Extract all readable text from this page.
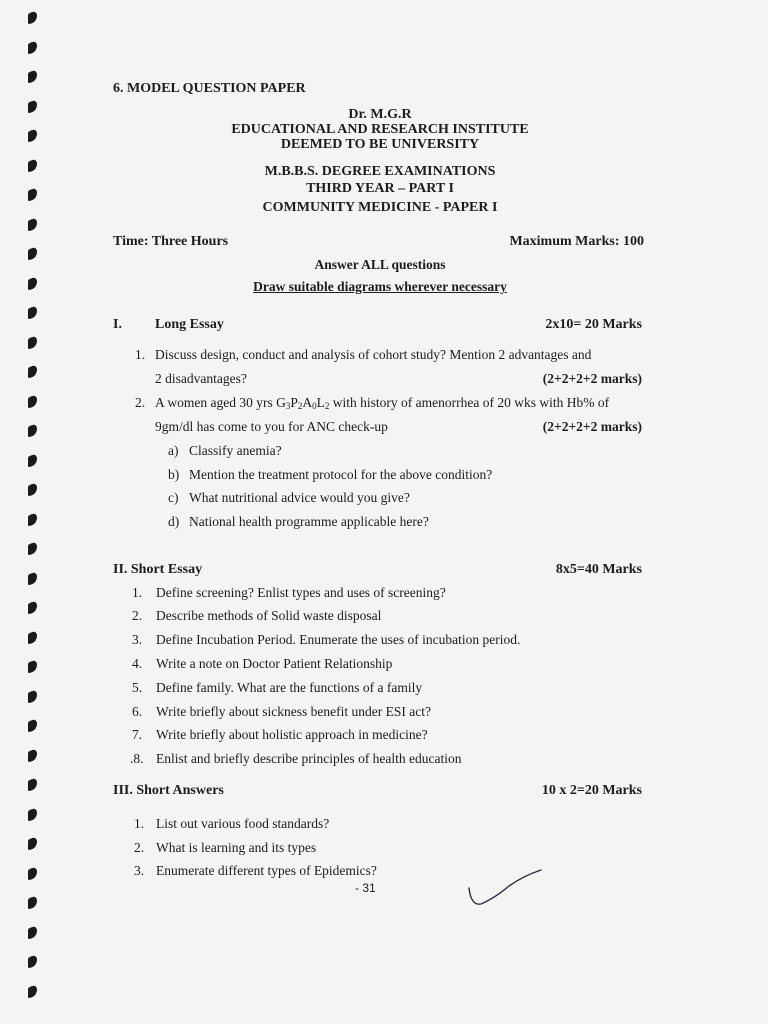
6. MODEL QUESTION PAPER
Dr. M.G.R
EDUCATIONAL AND RESEARCH INSTITUTE
DEEMED TO BE UNIVERSITY
M.B.B.S. DEGREE EXAMINATIONS
THIRD YEAR – PART I
COMMUNITY MEDICINE - PAPER I
Time: Three Hours	Maximum Marks: 100
Answer ALL questions
Draw suitable diagrams wherever necessary
I. Long Essay	2x10= 20 Marks
1. Discuss design, conduct and analysis of cohort study? Mention 2 advantages and
2 disadvantages?	(2+2+2+2 marks)
2. A women aged 30 yrs $G_3P_2A_0L_2$ with history of amenorrhea of 20 wks with Hb% of
9gm/dl has come to you for ANC check-up	(2+2+2+2 marks)
a) Classify anemia?
b) Mention the treatment protocol for the above condition?
c) What nutritional advice would you give?
d) National health programme applicable here?
II. Short Essay	8x5=40 Marks
1. Define screening? Enlist types and uses of screening?
2. Describe methods of Solid waste disposal
3. Define Incubation Period. Enumerate the uses of incubation period.
4. Write a note on Doctor Patient Relationship
5. Define family. What are the functions of a family
6. Write briefly about sickness benefit under ESI act?
7. Write briefly about holistic approach in medicine?
.8. Enlist and briefly describe principles of health education
III. Short Answers	10 x 2=20 Marks
1. List out various food standards?
2. What is learning and its types
3. Enumerate different types of Epidemics?
- 31
